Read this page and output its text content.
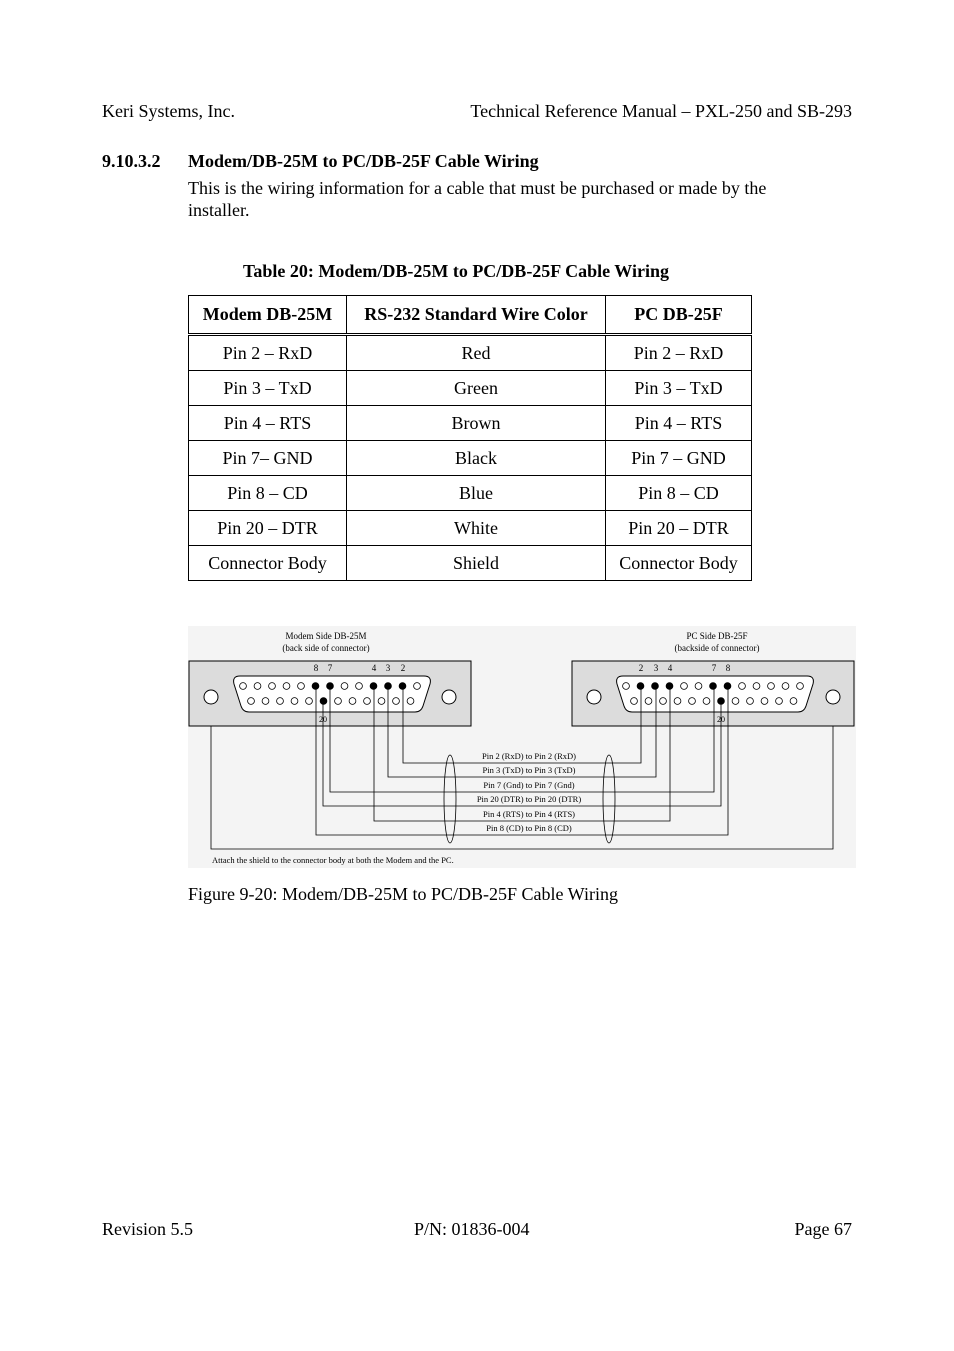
Keri Systems, Inc.	Technical Reference Manual – PXL-250 and SB-293
9.10.3.2 Modem/DB-25M to PC/DB-25F Cable Wiring
This is the wiring information for a cable that must be purchased or made by the
installer.
Table 20: Modem/DB-25M to PC/DB-25F Cable Wiring
Modem DB-25M	RS-232 Standard Wire Color	PC DB-25F
Pin 2 – RxD	Red	Pin 2 – RxD
Pin 3 – TxD	Green	Pin 3 – TxD
Pin 4 – RTS	Brown	Pin 4 – RTS
Pin 7– GND	Black	Pin 7 – GND
Pin 8 – CD	Blue	Pin 8 – CD
Pin 20 – DTR	White	Pin 20 – DTR
Connector Body	Shield	Connector Body
Modem Side DB-25M
(back side of connector)
PC Side DB-25F
(backside of connector)
8 7	4 3 2	2 3 4	7 8
20	20
Pin 2 (RxD) to Pin 2 (RxD)
Pin 3 (TxD) to Pin 3 (TxD)
Pin 7 (Gnd) to Pin 7 (Gnd)
Pin 20 (DTR) to Pin 20 (DTR)
Pin 4 (RTS) to Pin 4 (RTS)
Pin 8 (CD) to Pin 8 (CD)
Attach the shield to the connector body at both the Modem and the PC.
Figure 9-20: Modem/DB-25M to PC/DB-25F Cable Wiring
Revision 5.5	P/N: 01836-004	Page 67
